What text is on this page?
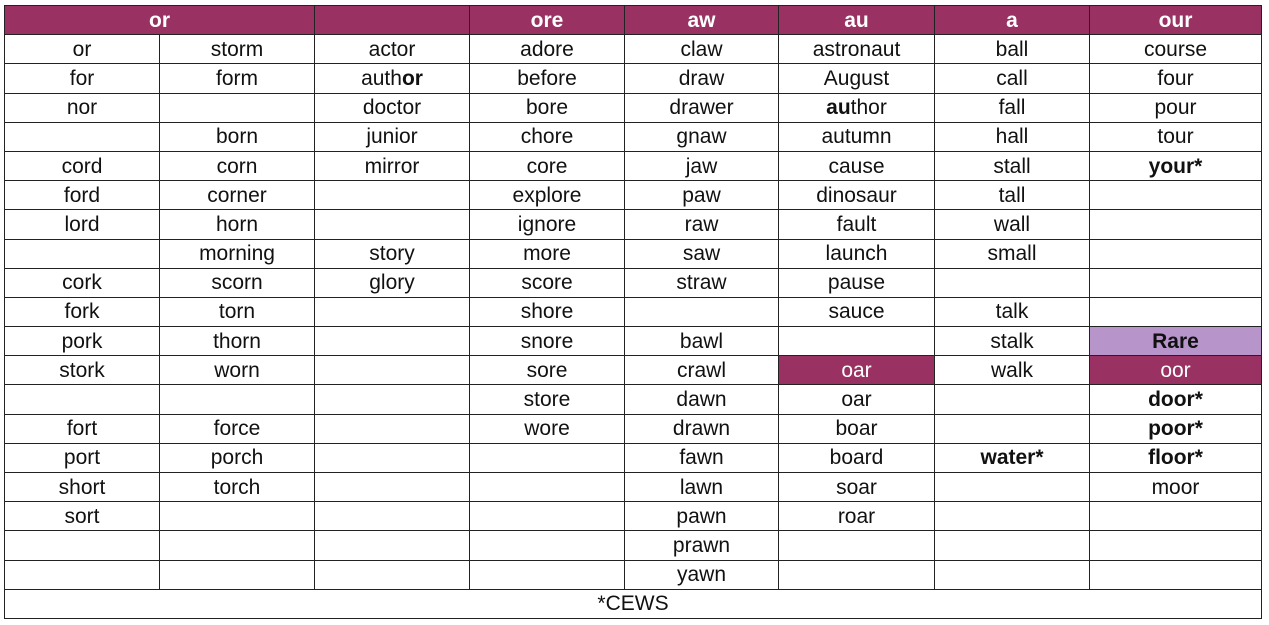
or			ore	aw	au	a	our
or	storm	actor	adore	claw	astronaut	ball	course
for	form	author	before	draw	August	call	four
nor		doctor	bore	drawer	author	fall	pour
	born	junior	chore	gnaw	autumn	hall	tour
cord	corn	mirror	core	jaw	cause	stall	your*
ford	corner		explore	paw	dinosaur	tall	
lord	horn		ignore	raw	fault	wall	
	morning	story	more	saw	launch	small	
cork	scorn	glory	score	straw	pause		
fork	torn		shore		sauce	talk	
pork	thorn		snore	bawl		stalk	Rare
stork	worn		sore	crawl	oar	walk	oor
			store	dawn	oar		door*
fort	force		wore	drawn	boar		poor*
port	porch			fawn	board	water*	floor*
short	torch			lawn	soar		moor
sort				pawn	roar		
				prawn			
				yawn			
*CEWS							
